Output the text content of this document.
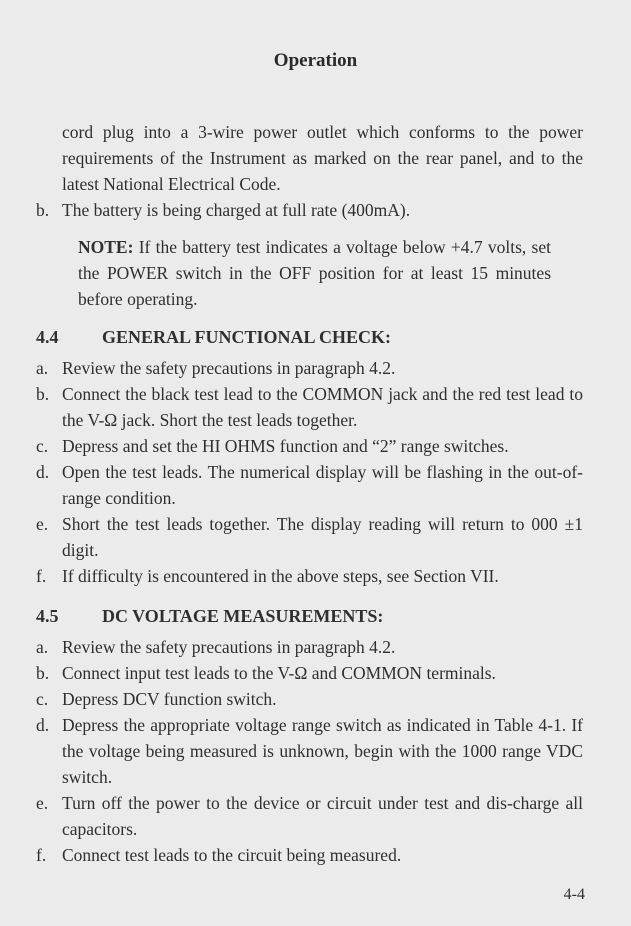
Operation
cord plug into a 3-wire power outlet which conforms to the power requirements of the Instrument as marked on the rear panel, and to the latest National Electrical Code.
b. The battery is being charged at full rate (400mA).
NOTE: If the battery test indicates a voltage below +4.7 volts, set the POWER switch in the OFF position for at least 15 minutes before operating.
4.4 GENERAL FUNCTIONAL CHECK:
a. Review the safety precautions in paragraph 4.2.
b. Connect the black test lead to the COMMON jack and the red test lead to the V-Ω jack. Short the test leads together.
c. Depress and set the HI OHMS function and “2” range switches.
d. Open the test leads. The numerical display will be flashing in the out-of-range condition.
e. Short the test leads together. The display reading will return to 000 ±1 digit.
f. If difficulty is encountered in the above steps, see Section VII.
4.5 DC VOLTAGE MEASUREMENTS:
a. Review the safety precautions in paragraph 4.2.
b. Connect input test leads to the V-Ω and COMMON terminals.
c. Depress DCV function switch.
d. Depress the appropriate voltage range switch as indicated in Table 4-1. If the voltage being measured is unknown, begin with the 1000 range VDC switch.
e. Turn off the power to the device or circuit under test and dis-charge all capacitors.
f. Connect test leads to the circuit being measured.
4-4
